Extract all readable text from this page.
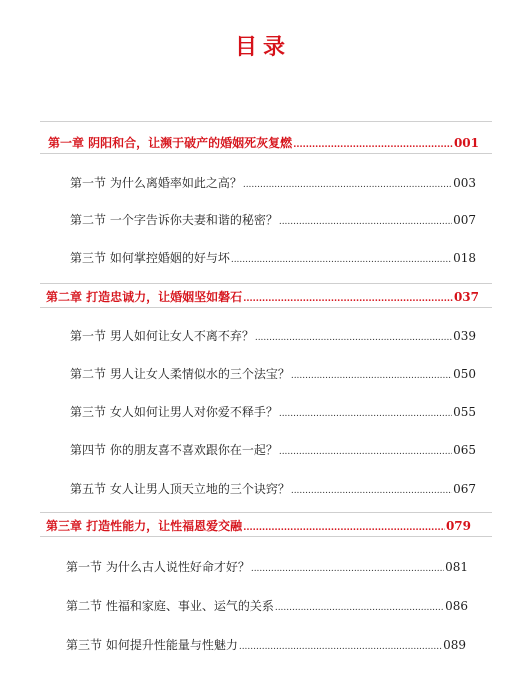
目录
第一章 阴阳和合，让濒于破产的婚姻死灰复燃 .....	001
第一节 为什么离婚率如此之高？ .....	003
第二节 一个字告诉你夫妻和谐的秘密？ .....	007
第三节 如何掌控婚姻的好与坏 .....	018
第二章 打造忠诚力，让婚姻坚如磐石 .....	037
第一节 男人如何让女人不离不弃？ .....	039
第二节 男人让女人柔情似水的三个法宝？ .....	050
第三节 女人如何让男人对你爱不释手？ .....	055
第四节 你的朋友喜不喜欢跟你在一起？ .....	065
第五节 女人让男人顶天立地的三个诀窍？ .....	067
第三章 打造性能力，让性福恩爱交融 .....	079
第一节 为什么古人说性好命才好？ .....	081
第二节 性福和家庭、事业、运气的关系 .....	086
第三节 如何提升性能量与性魅力 .....	089
